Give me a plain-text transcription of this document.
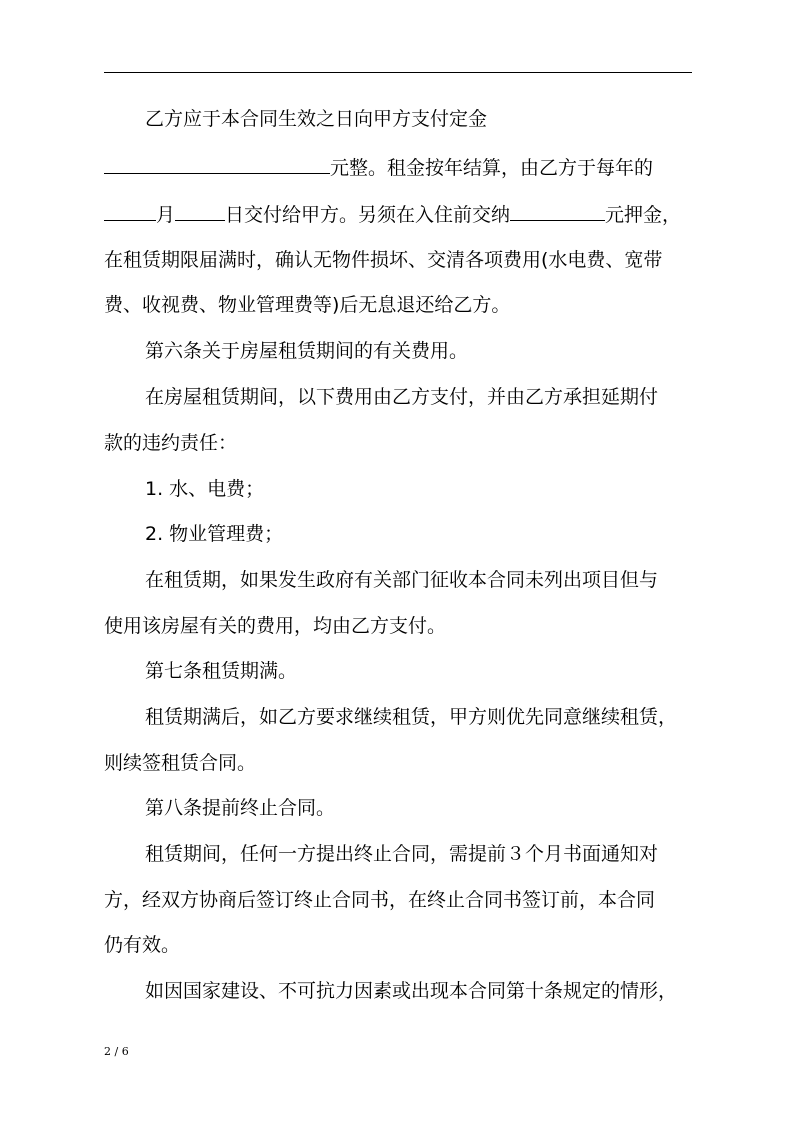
乙方应于本合同生效之日向甲方支付定金
元整。租金按年结算，由乙方于每年的
月	日交付给甲方。另须在入住前交纳	元押金，
在租赁期限届满时，确认无物件损坏、交清各项费用(水电费、宽带
费、收视费、物业管理费等)后无息退还给乙方。
第六条关于房屋租赁期间的有关费用。
在房屋租赁期间，以下费用由乙方支付，并由乙方承担延期付
款的违约责任：
1. 水、电费；
2. 物业管理费；
在租赁期，如果发生政府有关部门征收本合同未列出项目但与
使用该房屋有关的费用，均由乙方支付。
第七条租赁期满。
租赁期满后，如乙方要求继续租赁，甲方则优先同意继续租赁，
则续签租赁合同。
第八条提前终止合同。
租赁期间，任何一方提出终止合同，需提前３个月书面通知对
方，经双方协商后签订终止合同书，在终止合同书签订前，本合同
仍有效。
如因国家建设、不可抗力因素或出现本合同第十条规定的情形，
2 / 6
